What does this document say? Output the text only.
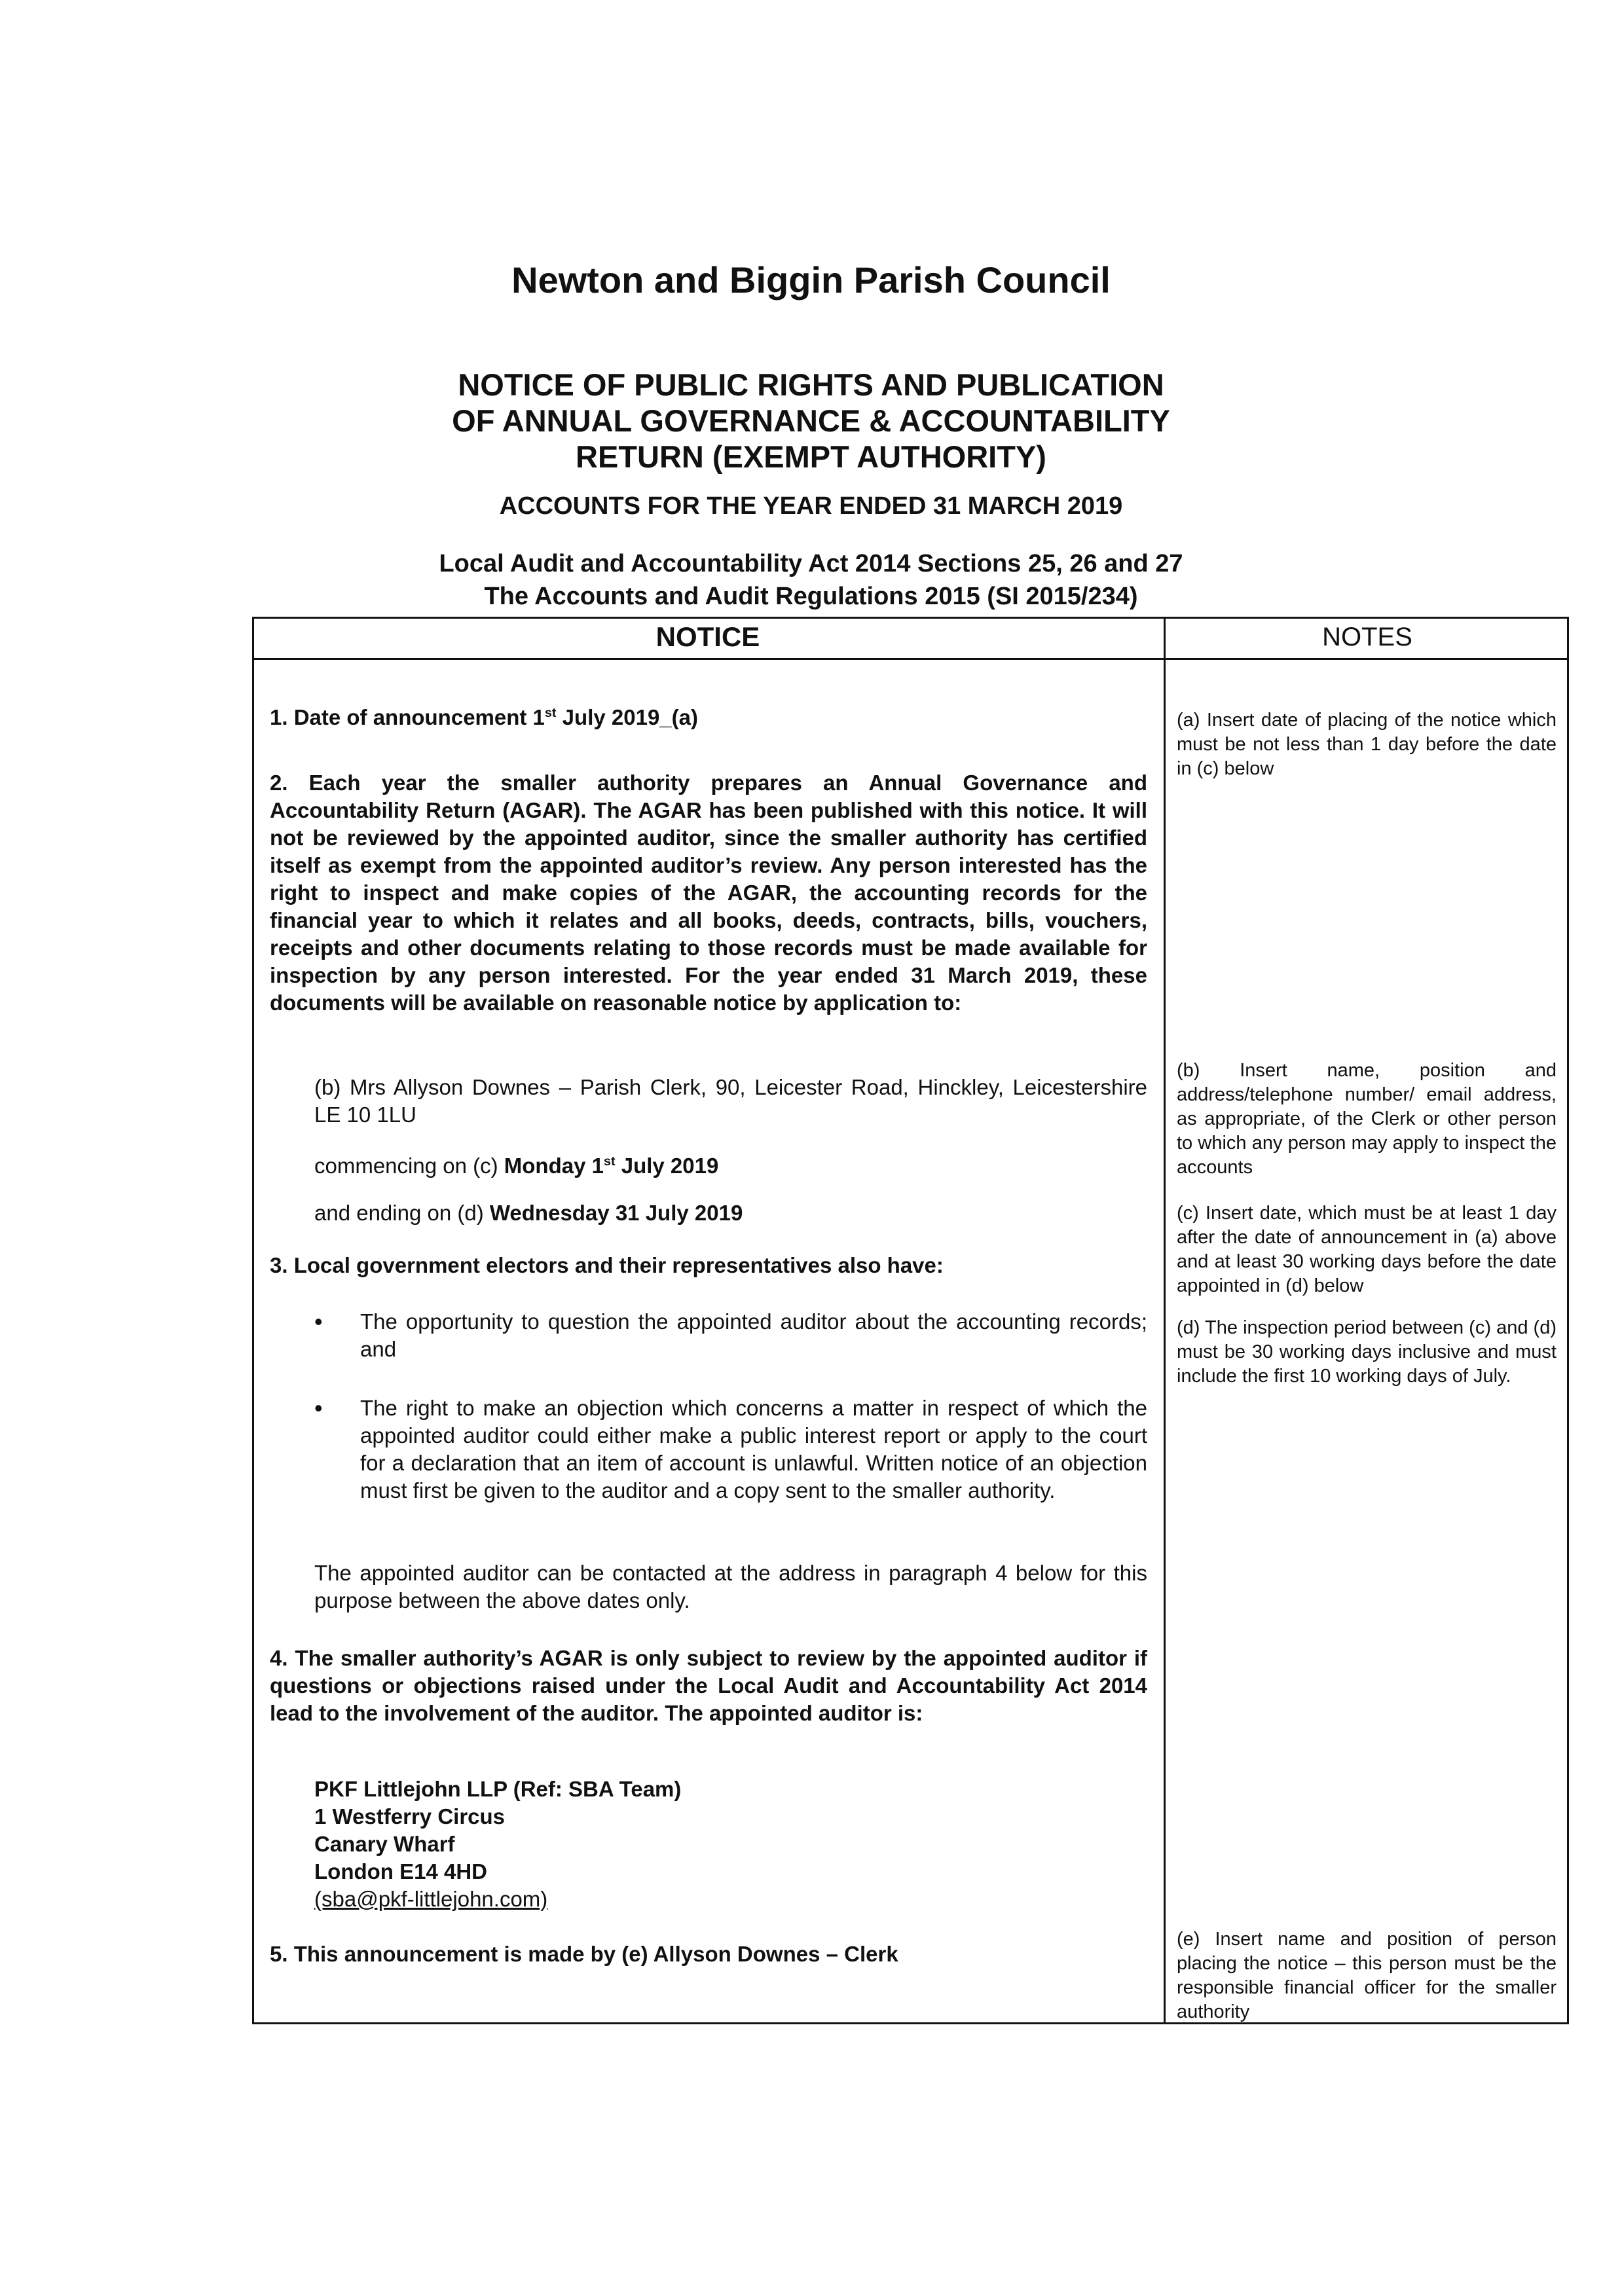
Newton and Biggin Parish Council
NOTICE OF PUBLIC RIGHTS AND PUBLICATION
OF ANNUAL GOVERNANCE & ACCOUNTABILITY
RETURN (EXEMPT AUTHORITY)
ACCOUNTS FOR THE YEAR ENDED 31 MARCH 2019
Local Audit and Accountability Act 2014 Sections 25, 26 and 27
The Accounts and Audit Regulations 2015 (SI 2015/234)
NOTICE	NOTES
1. Date of announcement 1st July 2019_(a)
2. Each year the smaller authority prepares an Annual Governance and Accountability Return (AGAR). The AGAR has been published with this notice. It will not be reviewed by the appointed auditor, since the smaller authority has certified itself as exempt from the appointed auditor’s review. Any person interested has the right to inspect and make copies of the AGAR, the accounting records for the financial year to which it relates and all books, deeds, contracts, bills, vouchers, receipts and other documents relating to those records must be made available for inspection by any person interested. For the year ended 31 March 2019, these documents will be available on reasonable notice by application to:
(b) Mrs Allyson Downes – Parish Clerk, 90, Leicester Road, Hinckley, Leicestershire LE 10 1LU
commencing on (c) Monday 1st July 2019
and ending on (d) Wednesday 31 July 2019
3. Local government electors and their representatives also have:
• The opportunity to question the appointed auditor about the accounting records; and
• The right to make an objection which concerns a matter in respect of which the appointed auditor could either make a public interest report or apply to the court for a declaration that an item of account is unlawful. Written notice of an objection must first be given to the auditor and a copy sent to the smaller authority.
The appointed auditor can be contacted at the address in paragraph 4 below for this purpose between the above dates only.
4. The smaller authority’s AGAR is only subject to review by the appointed auditor if questions or objections raised under the Local Audit and Accountability Act 2014 lead to the involvement of the auditor. The appointed auditor is:
PKF Littlejohn LLP (Ref: SBA Team)
1 Westferry Circus
Canary Wharf
London E14 4HD
(sba@pkf-littlejohn.com)
5. This announcement is made by (e) Allyson Downes – Clerk
(a) Insert date of placing of the notice which must be not less than 1 day before the date in (c) below
(b) Insert name, position and address/telephone number/ email address, as appropriate, of the Clerk or other person to which any person may apply to inspect the accounts
(c) Insert date, which must be at least 1 day after the date of announcement in (a) above and at least 30 working days before the date appointed in (d) below
(d) The inspection period between (c) and (d) must be 30 working days inclusive and must include the first 10 working days of July.
(e) Insert name and position of person placing the notice – this person must be the responsible financial officer for the smaller authority
